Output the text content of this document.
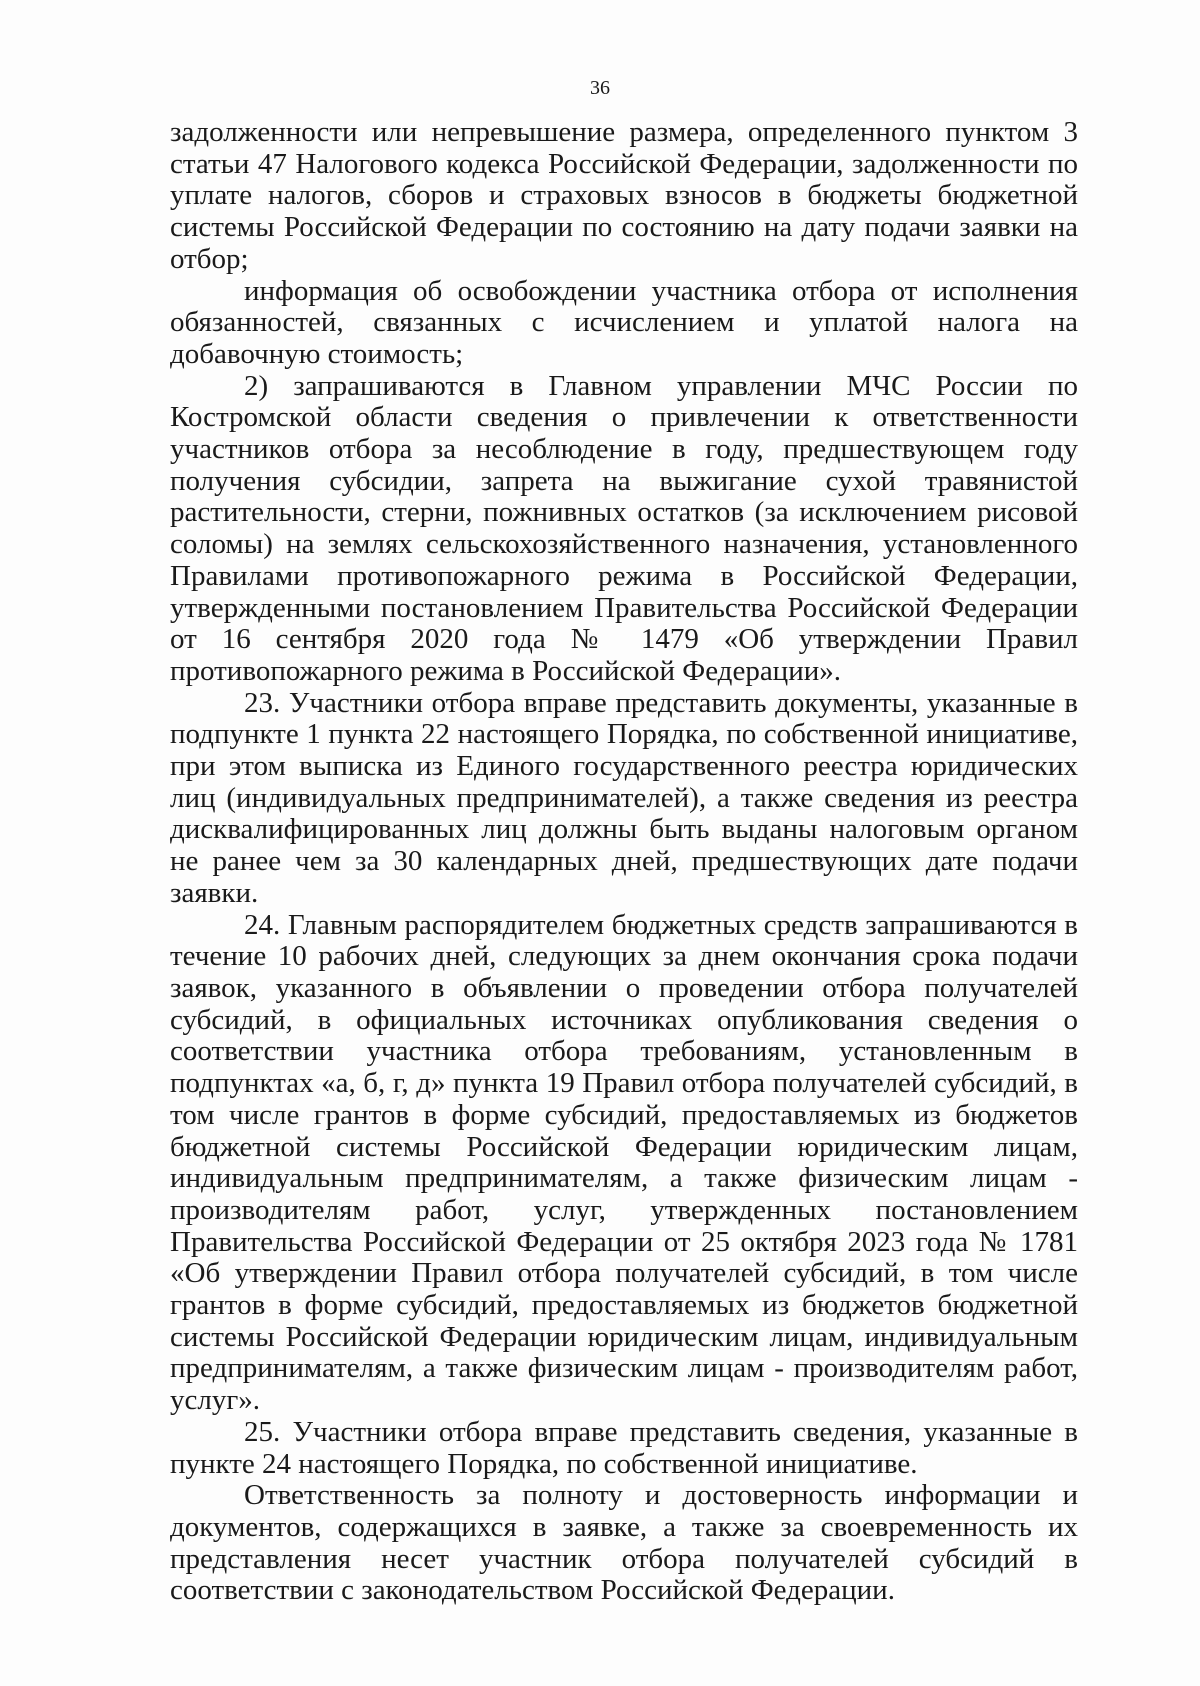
36

задолженности или непревышение размера, определенного пунктом 3 статьи 47 Налогового кодекса Российской Федерации, задолженности по уплате налогов, сборов и страховых взносов в бюджеты бюджетной системы Российской Федерации по состоянию на дату подачи заявки на отбор;

информация об освобождении участника отбора от исполнения обязанностей, связанных с исчислением и уплатой налога на добавочную стоимость;

2) запрашиваются в Главном управлении МЧС России по Костромской области сведения о привлечении к ответственности участников отбора за несоблюдение в году, предшествующем году получения субсидии, запрета на выжигание сухой травянистой растительности, стерни, пожнивных остатков (за исключением рисовой соломы) на землях сельскохозяйственного назначения, установленного Правилами противопожарного режима в Российской Федерации, утвержденными постановлением Правительства Российской Федерации от 16 сентября 2020 года № 1479 «Об утверждении Правил противопожарного режима в Российской Федерации».

23. Участники отбора вправе представить документы, указанные в подпункте 1 пункта 22 настоящего Порядка, по собственной инициативе, при этом выписка из Единого государственного реестра юридических лиц (индивидуальных предпринимателей), а также сведения из реестра дисквалифицированных лиц должны быть выданы налоговым органом не ранее чем за 30 календарных дней, предшествующих дате подачи заявки.

24. Главным распорядителем бюджетных средств запрашиваются в течение 10 рабочих дней, следующих за днем окончания срока подачи заявок, указанного в объявлении о проведении отбора получателей субсидий, в официальных источниках опубликования сведения о соответствии участника отбора требованиям, установленным в подпунктах «а, б, г, д» пункта 19 Правил отбора получателей субсидий, в том числе грантов в форме субсидий, предоставляемых из бюджетов бюджетной системы Российской Федерации юридическим лицам, индивидуальным предпринимателям, а также физическим лицам - производителям работ, услуг, утвержденных постановлением Правительства Российской Федерации от 25 октября 2023 года № 1781 «Об утверждении Правил отбора получателей субсидий, в том числе грантов в форме субсидий, предоставляемых из бюджетов бюджетной системы Российской Федерации юридическим лицам, индивидуальным предпринимателям, а также физическим лицам - производителям работ, услуг».

25. Участники отбора вправе представить сведения, указанные в пункте 24 настоящего Порядка, по собственной инициативе.

Ответственность за полноту и достоверность информации и документов, содержащихся в заявке, а также за своевременность их представления несет участник отбора получателей субсидий в соответствии с законодательством Российской Федерации.
